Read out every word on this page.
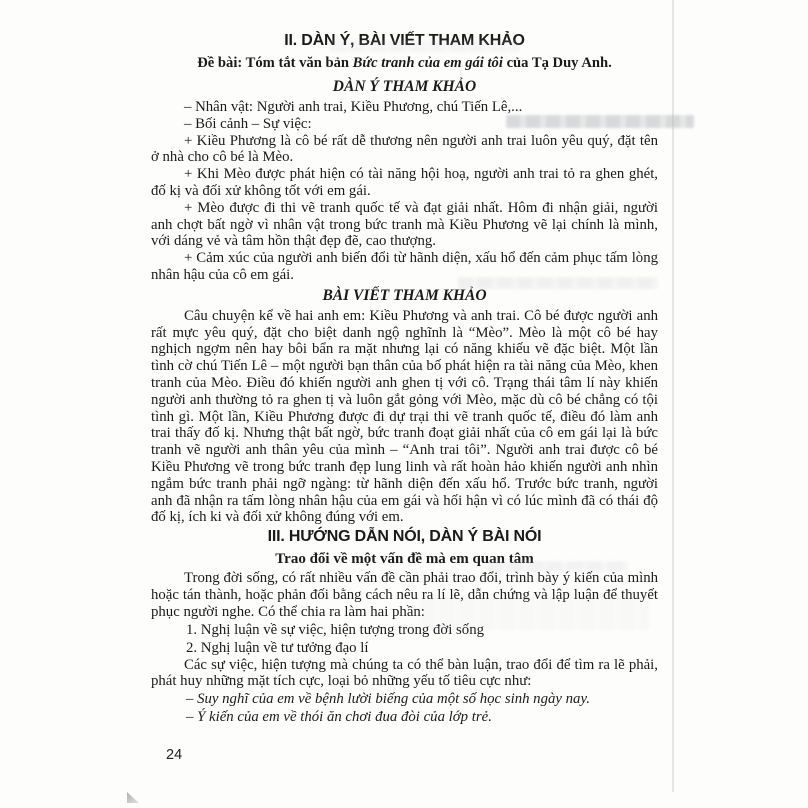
II. DÀN Ý, BÀI VIẾT THAM KHẢO

Đề bài: Tóm tắt văn bản Bức tranh của em gái tôi của Tạ Duy Anh.

DÀN Ý THAM KHẢO

– Nhân vật: Người anh trai, Kiều Phương, chú Tiến Lê,...

– Bối cảnh – Sự việc:

+ Kiều Phương là cô bé rất dễ thương nên người anh trai luôn yêu quý, đặt tên ở nhà cho cô bé là Mèo.

+ Khi Mèo được phát hiện có tài năng hội hoạ, người anh trai tỏ ra ghen ghét, đố kị và đối xử không tốt với em gái.

+ Mèo được đi thi vẽ tranh quốc tế và đạt giải nhất. Hôm đi nhận giải, người anh chợt bất ngờ vì nhân vật trong bức tranh mà Kiều Phương vẽ lại chính là mình, với dáng vẻ và tâm hồn thật đẹp đẽ, cao thượng.

+ Cảm xúc của người anh biến đổi từ hãnh diện, xấu hổ đến cảm phục tấm lòng nhân hậu của cô em gái.

BÀI VIẾT THAM KHẢO

Câu chuyện kể về hai anh em: Kiều Phương và anh trai. Cô bé được người anh rất mực yêu quý, đặt cho biệt danh ngộ nghĩnh là “Mèo”. Mèo là một cô bé hay nghịch ngợm nên hay bôi bẩn ra mặt nhưng lại có năng khiếu vẽ đặc biệt. Một lần tình cờ chú Tiến Lê – một người bạn thân của bố phát hiện ra tài năng của Mèo, khen tranh của Mèo. Điều đó khiến người anh ghen tị với cô. Trạng thái tâm lí này khiến người anh thường tỏ ra ghen tị và luôn gắt gỏng với Mèo, mặc dù cô bé chẳng có tội tình gì. Một lần, Kiều Phương được đi dự trại thi vẽ tranh quốc tế, điều đó làm anh trai thấy đố kị. Nhưng thật bất ngờ, bức tranh đoạt giải nhất của cô em gái lại là bức tranh vẽ người anh thân yêu của mình – “Anh trai tôi”. Người anh trai được cô bé Kiều Phương vẽ trong bức tranh đẹp lung linh và rất hoàn hảo khiến người anh nhìn ngắm bức tranh phải ngỡ ngàng: từ hãnh diện đến xấu hổ. Trước bức tranh, người anh đã nhận ra tấm lòng nhân hậu của em gái và hối hận vì có lúc mình đã có thái độ đố kị, ích ki và đối xử không đúng với em.

III. HƯỚNG DẪN NÓI, DÀN Ý BÀI NÓI
Trao đổi về một vấn đề mà em quan tâm

Trong đời sống, có rất nhiều vấn đề cần phải trao đổi, trình bày ý kiến của mình hoặc tán thành, hoặc phản đối bằng cách nêu ra lí lẽ, dẫn chứng và lập luận để thuyết phục người nghe. Có thể chia ra làm hai phần:

1. Nghị luận về sự việc, hiện tượng trong đời sống

2. Nghị luận về tư tưởng đạo lí

Các sự việc, hiện tượng mà chúng ta có thể bàn luận, trao đổi để tìm ra lẽ phải, phát huy những mặt tích cực, loại bỏ những yếu tố tiêu cực như:

– Suy nghĩ của em về bệnh lười biếng của một số học sinh ngày nay.

– Ý kiến của em về thói ăn chơi đua đòi của lớp trẻ.

24
